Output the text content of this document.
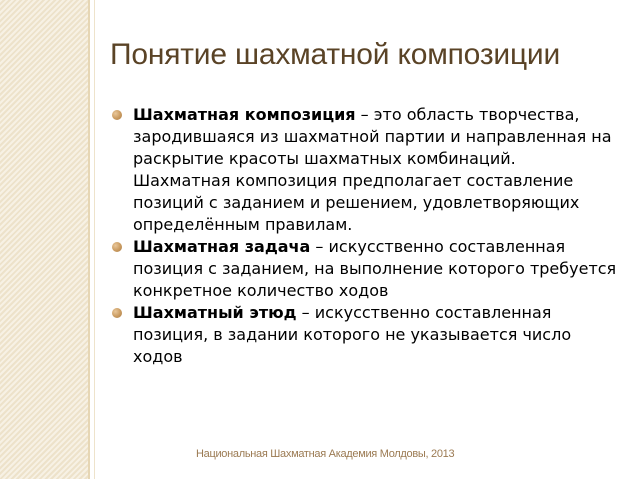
Понятие шахматной композиции
Шахматная композиция – это область творчества, зародившаяся из шахматной партии и направленная на раскрытие красоты шахматных комбинаций. Шахматная композиция предполагает составление позиций с заданием и решением, удовлетворяющих определённым правилам.
Шахматная задача – искусственно составленная позиция с заданием, на выполнение которого требуется конкретное количество ходов
Шахматный этюд – искусственно составленная позиция, в задании которого не указывается число ходов
Национальная Шахматная Академия Молдовы, 2013
